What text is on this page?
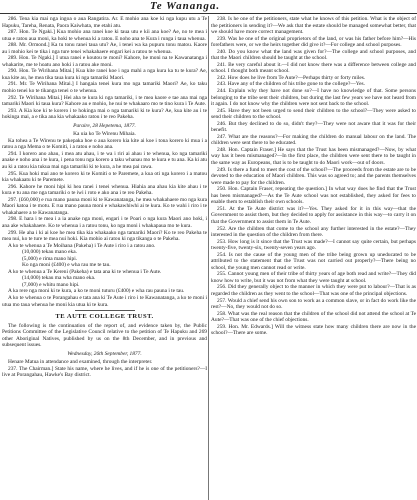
Te Wananga.

286. Tena kia mai nga ingoa o aua Rangatira. Ar. E mohio ana koe ki nga kupu utu a Te Hapuku, Tareha, Renata, Paora Kaiwhata, me etahi atu.

287. Hon. Te Ngaki.] Kua mohio ana ranei koe ki taua utu e kii ana koe? Ae, no te mea i utua e ratou aua moni, ka hoki te whenua ki a ratou. E noho ana te Kura i runga i taua whenua.

288. Mr. Ormond.] Ka tu tonu ranei taua utu? Ae, i tenei wa ka pupuru tonu matou. Kaore au i mohio kei te tika i nga ture tenei whakahaere engari kei a ratou te whenua.

289. Hon. Te Ngaki.] I utua ranei e koutou te moni? Kahore, he moni na te Kawanatanga i whakarite, me te hoatu ano hoki i a ratou ake moni.

290. Hon. Te Wirihana Mitai.] Kua kite ranei koe i nga mahi a nga kura ka tu te kura? Ae, kua kite au, he mea tika taua kura ki nga tamariki Maori.

291. Mr. Te Wirihana Mitai.] I hangaia tenei kura mo nga tamariki Maori? Ae, ko taku mohio tenei ko te tikanga tenei o te whenua.

292. Te Wirihana Mitai.] Hei aha te kura ki nga tamariki, i te mea kaore e tae ana mai nga tamariki Maori ki taua kura? Kahore au e mohio, he nui te whakaaro mo te tino kura i Te Aute.

293. A Kia koe ki te korero i te hokinga mai o nga tamariki ki te kura? Ae, kua kite au i te hokinga mai, a e tika ana kia whakaako ratou i te reo Pakeha.

Paraire, 28 Hepetema, 1877.

Ka uia ko Te Wirenu Mihaia.

Ka tohea a Te Wirenu te pakepaka hoe o aua korero kia kite ai koe i tona korero ki mua i a ratou a nga Mema o te Komiti, i a ratou e noho ana.

294. I korero ano ahau, i mea atu ahau, i te wa i riri ai ahau i te whenua, ko nga tamariki anake e noho ana i te kura, i pena tonu nga korero a taku whanau mo te kura e tu ana. Ka ki atu au ki a ratou kia tukua mai nga tamariki ki te kura, a he mea pai rawa.

295. Kua hoki mai ano te korero ki te Komiti o te Paremete, a kua oti nga korero i a matou kia whakaatu ki te Paremete.

296. Kahore he moni hipi ki hea ranei i tenei whenua. Hiahia ana ahau kia kite ahau i te kura e tu ana me nga tamariki o te iwi i roto e ako ana i te reo Pakeha.

297. (£60,000) e rua mano pauna moni ki te Kawanatanga, he mea whakahaere mo nga kura Maori katoa i te motu. E rua mano pauna moni e whakawhiwhi ai te kura. Ko te wahi i riro i te whakahaere a te Kawanatanga.

298. E hara i te mea i a ia anake nga moni, engari i te Poari o nga kura Maori ano hoki, i ana ake whakahaere. Ko te whenua i a ratou tonu, ko nga moni i whakapaua mo te kura.

299. He aha i ki ai koe he mea tika kia whakaako nga tamariki Maori? Ko te reo Pakeha te mea nui, ko te ture te mea nui hoki. Kia mohio ai ratou ki nga tikanga o te Pakeha.

A ko te whenua a Te Moihana (Pakeha) i Te Aute i riro i a ratou ano.

(10,000) tekau mano eka.

(5,000) e rima mano hipi.

Ko nga moni (£400) e wha rau me te tau.

A ko te whenua a Te Kereni (Pakeha) e tata ana ki te whenua i Te Aute.

(14,000) tekau ma wha mano eka.

(7,000) e whitu mano hipi.

A ka rere nga moni ki te kura, a ko te moni tuturu (£400) e wha rau pauna i te tau.

A ko te whenua o te Porangahau e tata ana ki Te Aute i riro i te Kawanatanga, a ko te moni i utua mo taua whenua he moni kia utua ki te kura.

TE AUTE COLLEGE TRUST.

The following is the continuation of the report of, and evidence taken by, the Public Petitions Committee of the Legislative Council relative to the petition of Te Hapuku and 269 other Aboriginal Natives, published by us on the 8th December, and in previous and subsequent issues.

Wednesday, 26th September, 1877.

Henare Matua in attendance and examined, through the interpreter.

237. The Chairman.] State his name, where he lives, and if he is one of the petitioners?—I live at Porangahau, Hawke's Bay district.

238. Is he one of the petitioners, state what he knows of this petition. What is the object of the petitioners in sending it?—We ask that the estate should be managed somewhat better, that we should have more correct management.

239. Was he one of the original proprietors of the land, or was his father before him?—His forefathers were, or we the heirs together did give it?—For college and school purposes.

240. Do you know what the land was given for?—The college and school purposes, and that the Maori children should be taught at the school.

241. Be very careful about it.—I did not know there was a difference between college and school. I thought both meant school.

242. How does he live from Te Aute?—Perhaps thirty or forty miles.

243. Have any of the children of his tribe gone to the college?—Yes.

244. Explain why they have not done so?—I have no knowledge of that. Some persons belonging to the tribe sent their children, but during the last few years we have not heard from it again. I do not know why the children were not sent back to the school.

245. Have they not been urged to send their children to the school?—They were asked to send their children to the school.

246. But they declined to do so, didn't they?—They were not aware that it was for their benefit.

247. What are the reasons?—For making the children do manual labour on the land. The children were sent there to be educated.

248. Hon. Captain Fraser.] He says that the Trust has been mismanaged?—Now, by what way has it been mismanaged?—In the first place, the children were sent there to be taught in the same way as Europeans, that is to be taught to do Maori work—out of doors.

249. Is there a fund to meet the cost of the school?—The proceeds from the estate are to be devoted to the education of Maori children. This was so agreed to; and the parents themselves were made to pay for the children.

250. Hon. Captain Fraser, repeating the question.] In what way does he find that the Trust has been mismanaged?—As the Te Aute school was not established, they asked for fees to enable them to establish their own schools.

251. At the Te Aute district was it?—Yes. They asked for it in this way—that the Government to assist them, but they decided to apply for assistance in this way—to carry it on that the Government to assist them in Te Aute.

252. Are the children that come to the school any further interested in the estate?—They interested in the question of the children from there.

253. How long is it since that the Trust was made?—I cannot say quite certain, but perhaps twenty-five, twenty-six, twenty-seven years ago.

254. Is not the cause of the young men of the tribe being grown up uneducated to be attributed to the statement that the Trust was not carried out properly?—There being no school, the young men cannot read or write.

255. Cannot young men of their tribe of thirty years of age both read and write?—They did know how to write, but it was not from what they were taught at school.

256. Did they generally object to the manner in which they were put to labour?—That is as regarded the children as they went to the school—That was one of the principal objections.

257. Would a chief send his own son to work as a common slave, or in fact do work like the rest?—No, they would not do so.

258. What was the real reason that the children of the school did not attend the school at Te Aute?—That was one of the chief objections.

259. Hon. Mr. Edwards.] Will the witness state how many children there are now in the school?—There are some.
